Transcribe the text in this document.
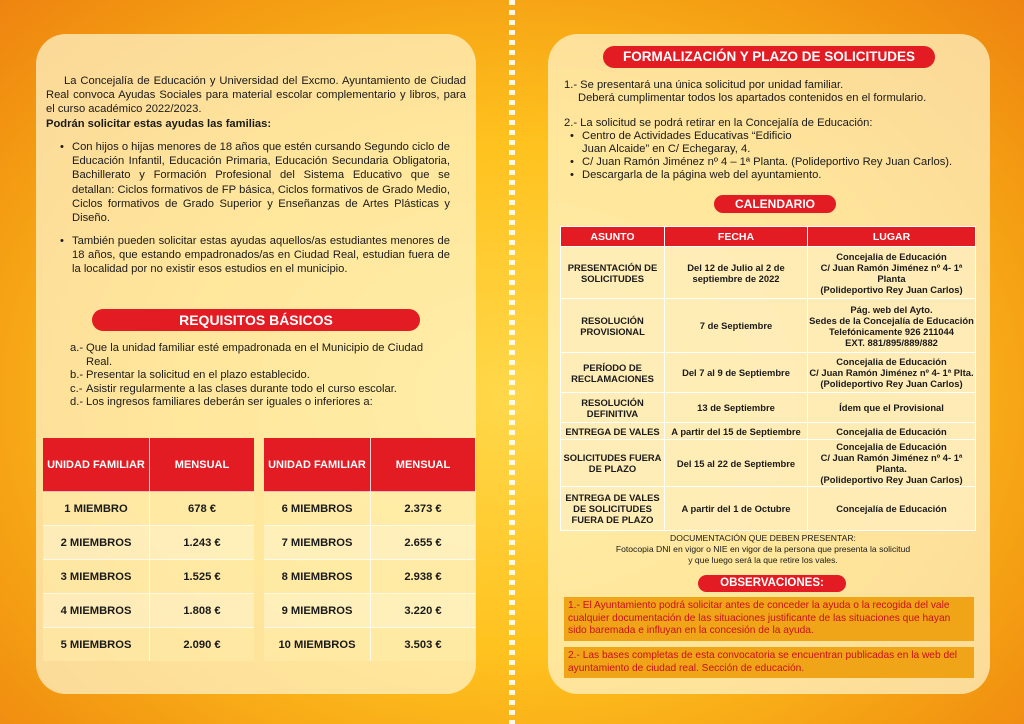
La Concejalía de Educación y Universidad del Excmo. Ayuntamiento de Ciudad Real convoca Ayudas Sociales para material escolar complementario y libros, para el curso académico 2022/2023.
Podrán solicitar estas ayudas las familias:
• Con hijos o hijas menores de 18 años que estén cursando Segundo ciclo de Educación Infantil, Educación Primaria, Educación Secundaria Obligatoria, Bachillerato y Formación Profesional del Sistema Educativo que se detallan: Ciclos formativos de FP básica, Ciclos formativos de Grado Medio, Ciclos formativos de Grado Superior y Enseñanzas de Artes Plásticas y Diseño.
• También pueden solicitar estas ayudas aquellos/as estudiantes menores de 18 años, que estando empadronados/as en Ciudad Real, estudian fuera de la localidad por no existir esos estudios en el municipio.
REQUISITOS BÁSICOS
a.- Que la unidad familiar esté empadronada en el Municipio de Ciudad Real.
b.- Presentar la solicitud en el plazo establecido.
c.- Asistir regularmente a las clases durante todo el curso escolar.
d.- Los ingresos familiares deberán ser iguales o inferiores a:
UNIDAD FAMILIAR	MENSUAL
1 MIEMBRO	678 €
2 MIEMBROS	1.243 €
3 MIEMBROS	1.525 €
4 MIEMBROS	1.808 €
5 MIEMBROS	2.090 €
UNIDAD FAMILIAR	MENSUAL
6 MIEMBROS	2.373 €
7 MIEMBROS	2.655 €
8 MIEMBROS	2.938 €
9 MIEMBROS	3.220 €
10 MIEMBROS	3.503 €
FORMALIZACIÓN Y PLAZO DE SOLICITUDES

1.- Se presentará una única solicitud por unidad familiar.

Deberá cumplimentar todos los apartados contenidos en el formulario.

2.- La solicitud se podrá retirar en la Concejalía de Educación:

• Centro de Actividades Educativas “Edificio Juan Alcaide” en C/ Echegaray, 4.
• C/ Juan Ramón Jiménez nº 4 – 1ª Planta. (Polideportivo Rey Juan Carlos).
• Descargarla de la página web del ayuntamiento.
CALENDARIO
ASUNTO	FECHA	LUGAR
PRESENTACIÓN DE SOLICITUDES	Del 12 de Julio al 2 de septiembre de 2022	Concejalia de Educación
C/ Juan Ramón Jiménez nº 4- 1ª Planta
(Polideportivo Rey Juan Carlos)
RESOLUCIÓN PROVISIONAL	7 de Septiembre	Pág. web del Ayto.
Sedes de la Concejalía de Educación
Telefónicamente 926 211044
EXT. 881/895/889/882
PERÍODO DE RECLAMACIONES	Del 7 al 9 de Septiembre	Concejalia de Educación
C/ Juan Ramón Jiménez nº 4- 1ª Plta.
(Polideportivo Rey Juan Carlos)
RESOLUCIÓN DEFINITIVA	13 de Septiembre	Ídem que el Provisional
ENTREGA DE VALES	A partir del 15 de Septiembre	Concejalia de Educación
SOLICITUDES FUERA DE PLAZO	Del 15 al 22 de Septiembre	Concejalia de Educación
C/ Juan Ramón Jiménez nº 4- 1ª Planta.
(Polideportivo Rey Juan Carlos)
ENTREGA DE VALES DE SOLICITUDES FUERA DE PLAZO	A partir del 1 de Octubre	Concejalía de Educación
DOCUMENTACIÓN QUE DEBEN PRESENTAR:
Fotocopia DNI en vigor o NIE en vigor de la persona que presenta la solicitud
y que luego será la que retire los vales.
OBSERVACIONES:
1.- El Ayuntamiento podrá solicitar antes de conceder la ayuda o la recogida del vale cualquier documentación de las situaciones justificante de las situaciones que hayan sido baremada e influyan en la concesión de la ayuda.
2.- Las bases completas de esta convocatoria se encuentran publicadas en la web del ayuntamiento de ciudad real. Sección de educación.
